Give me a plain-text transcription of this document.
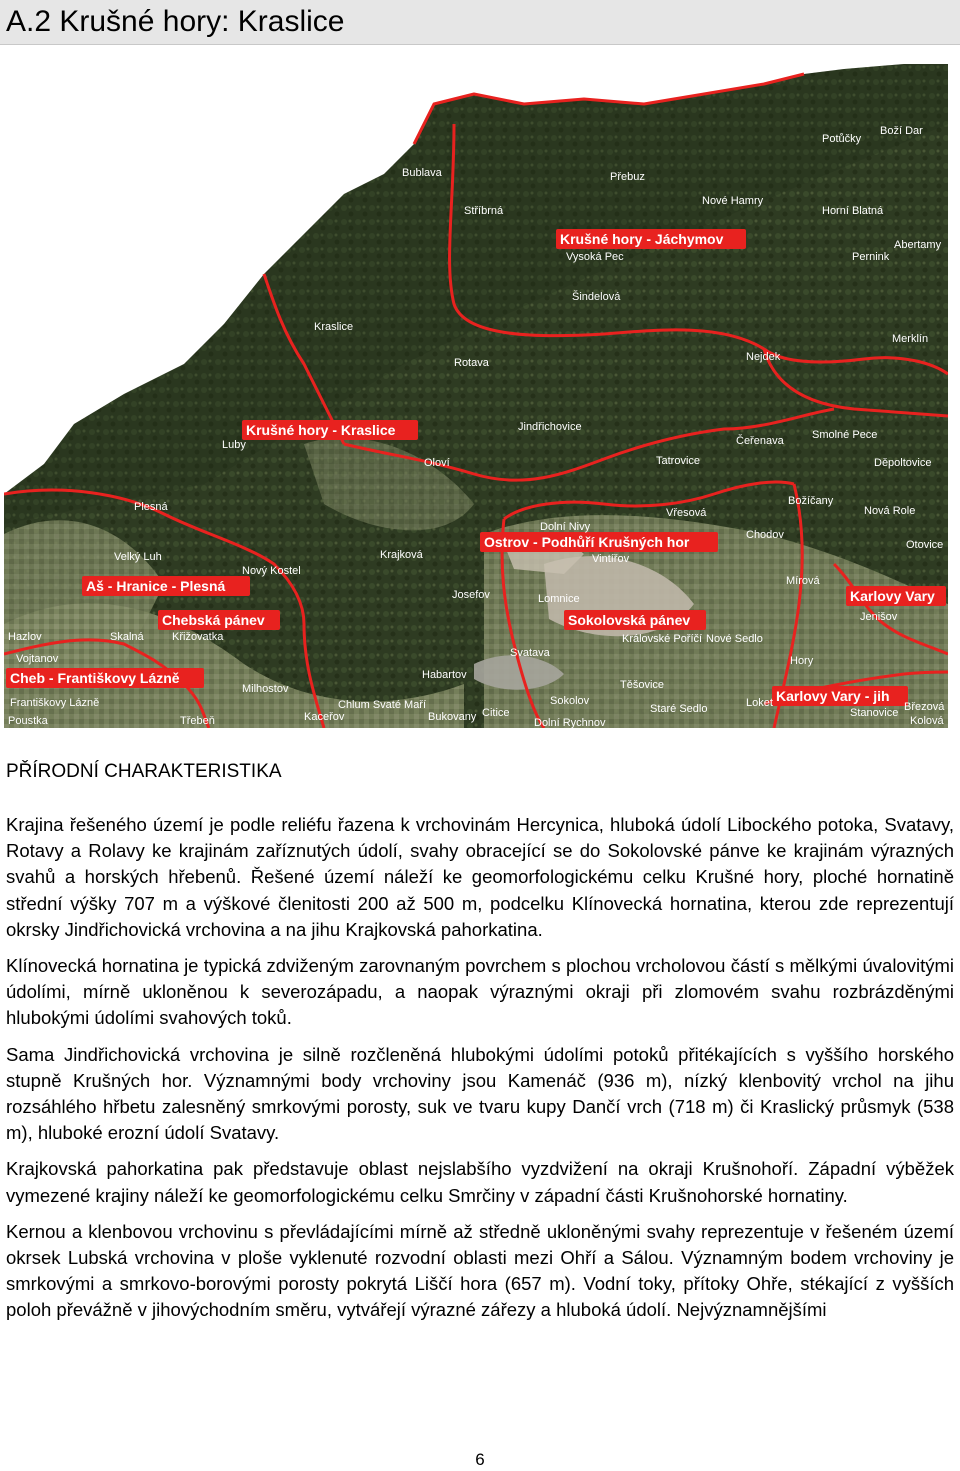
A.2 Krušné hory: Kraslice
Krušné hory - Jáchymov
Krušné hory - Kraslice
Ostrov - Podhůří Krušných hor
Aš - Hranice - Plesná
Chebská pánev	Sokolovská pánev
Karlovy Vary
Cheb - Františkovy Lázně
Karlovy Vary - jih
Boží Dar
Potůčky
Bublava	Přebuz
Stříbrná
Nové Hamry
Horní Blatná
Vysoká Pec	Pernink
Abertamy
Šindelová
Kraslice
Merklín
Nejdek
Rotava
Jindřichovice
Luby
Oloví	Tatrovice
Čeřenava	Smolné Pece
Děpoltovice
Plesná	Vřesová
Božíčany
Dolní Nivy
Chodov
Nová Role
Vintířov
Velký Luh	Krajková
Otovice
Nový Kostel
Mírová
Josefov	Lomnice
Jenišov
Hazlov	Skalná	Křižovatka	Královské Poříčí Nové Sedlo
Vojtanov	Svatava
Hory
Habartov
Těšovice
Milhostov
Chlum Svaté Maří	Sokolov	Loket
Stanovice
Františkovy Lázně
Kaceřov	Bukovany Citice	Staré Sedlo	Březová
Poustka	Třebeň	Dolní Rychnov	Kolová
PŘÍRODNÍ CHARAKTERISTIKA

Krajina řešeného území je podle reliéfu řazena k vrchovinám Hercynica, hluboká údolí Libockého potoka, Svatavy, Rotavy a Rolavy ke krajinám zaříznutých údolí, svahy obracející se do Sokolovské pánve ke krajinám výrazných svahů a horských hřebenů. Řešené území náleží ke geomorfologickému celku Krušné hory, ploché hornatině střední výšky 707 m a výškové členitosti 200 až 500 m, podcelku Klínovecká hornatina, kterou zde reprezentují okrsky Jindřichovická vrchovina a na jihu Krajkovská pahorkatina.

Klínovecká hornatina je typická zdviženým zarovnaným povrchem s plochou vrcholovou částí s mělkými úvalovitými údolími, mírně ukloněnou k severozápadu, a naopak výraznými okraji při zlomovém svahu rozbrázděnými hlubokými údolími svahových toků.

Sama Jindřichovická vrchovina je silně rozčleněná hlubokými údolími potoků přitékajících s vyššího horského stupně Krušných hor. Významnými body vrchoviny jsou Kamenáč (936 m), nízký klenbovitý vrchol na jihu rozsáhlého hřbetu zalesněný smrkovými porosty, suk ve tvaru kupy Dančí vrch (718 m) či Kraslický průsmyk (538 m), hluboké erozní údolí Svatavy.

Krajkovská pahorkatina pak představuje oblast nejslabšího vyzdvižení na okraji Krušnohoří. Západní výběžek vymezené krajiny náleží ke geomorfologickému celku Smrčiny v západní části Krušnohorské hornatiny.

Kernou a klenbovou vrchovinu s převládajícími mírně až středně ukloněnými svahy reprezentuje v řešeném území okrsek Lubská vrchovina v ploše vyklenuté rozvodní oblasti mezi Ohří a Sálou. Významným bodem vrchoviny je smrkovými a smrkovo-borovými porosty pokrytá Liščí hora (657 m). Vodní toky, přítoky Ohře, stékající z vyšších poloh převážně v jihovýchodním směru, vytvářejí výrazné zářezy a hluboká údolí. Nejvýznamnějšími

6
